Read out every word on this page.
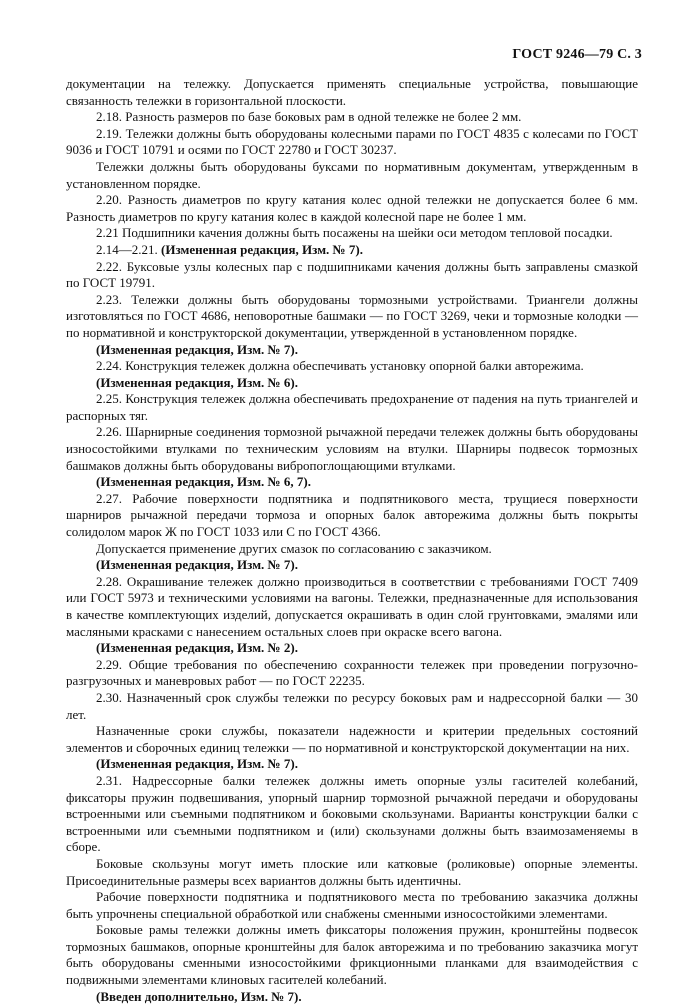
ГОСТ 9246—79 С. 3

документации на тележку. Допускается применять специальные устройства, повышающие связанность тележки в горизонтальной плоскости.

2.18. Разность размеров по базе боковых рам в одной тележке не более 2 мм.

2.19. Тележки должны быть оборудованы колесными парами по ГОСТ 4835 с колесами по ГОСТ 9036 и ГОСТ 10791 и осями по ГОСТ 22780 и ГОСТ 30237.

Тележки должны быть оборудованы буксами по нормативным документам, утвержденным в установленном порядке.

2.20. Разность диаметров по кругу катания колес одной тележки не допускается более 6 мм. Разность диаметров по кругу катания колес в каждой колесной паре не более 1 мм.

2.21 Подшипники качения должны быть посажены на шейки оси методом тепловой посадки.

2.14—2.21. (Измененная редакция, Изм. № 7).

2.22. Буксовые узлы колесных пар с подшипниками качения должны быть заправлены смазкой по ГОСТ 19791.

2.23. Тележки должны быть оборудованы тормозными устройствами. Триангели должны изготовляться по ГОСТ 4686, неповоротные башмаки — по ГОСТ 3269, чеки и тормозные колодки — по нормативной и конструкторской документации, утвержденной в установленном порядке.

(Измененная редакция, Изм. № 7).

2.24. Конструкция тележек должна обеспечивать установку опорной балки авторежима.

(Измененная редакция, Изм. № 6).

2.25. Конструкция тележек должна обеспечивать предохранение от падения на путь триангелей и распорных тяг.

2.26. Шарнирные соединения тормозной рычажной передачи тележек должны быть оборудованы износостойкими втулками по техническим условиям на втулки. Шарниры подвесок тормозных башмаков должны быть оборудованы вибропоглощающими втулками.

(Измененная редакция, Изм. № 6, 7).

2.27. Рабочие поверхности подпятника и подпятникового места, трущиеся поверхности шарниров рычажной передачи тормоза и опорных балок авторежима должны быть покрыты солидолом марок Ж по ГОСТ 1033 или С по ГОСТ 4366.

Допускается применение других смазок по согласованию с заказчиком.

(Измененная редакция, Изм. № 7).

2.28. Окрашивание тележек должно производиться в соответствии с требованиями ГОСТ 7409 или ГОСТ 5973 и техническими условиями на вагоны. Тележки, предназначенные для использования в качестве комплектующих изделий, допускается окрашивать в один слой грунтовками, эмалями или масляными красками с нанесением остальных слоев при окраске всего вагона.

(Измененная редакция, Изм. № 2).

2.29. Общие требования по обеспечению сохранности тележек при проведении погрузочно-разгрузочных и маневровых работ — по ГОСТ 22235.

2.30. Назначенный срок службы тележки по ресурсу боковых рам и надрессорной балки — 30 лет.

Назначенные сроки службы, показатели надежности и критерии предельных состояний элементов и сборочных единиц тележки — по нормативной и конструкторской документации на них.

(Измененная редакция, Изм. № 7).

2.31. Надрессорные балки тележек должны иметь опорные узлы гасителей колебаний, фиксаторы пружин подвешивания, упорный шарнир тормозной рычажной передачи и оборудованы встроенными или съемными подпятником и боковыми скользунами. Варианты конструкции балки с встроенными или съемными подпятником и (или) скользунами должны быть взаимозаменяемы в сборе.

Боковые скользуны могут иметь плоские или катковые (роликовые) опорные элементы. Присоединительные размеры всех вариантов должны быть идентичны.

Рабочие поверхности подпятника и подпятникового места по требованию заказчика должны быть упрочнены специальной обработкой или снабжены сменными износостойкими элементами.

Боковые рамы тележки должны иметь фиксаторы положения пружин, кронштейны подвесок тормозных башмаков, опорные кронштейны для балок авторежима и по требованию заказчика могут быть оборудованы сменными износостойкими фрикционными планками для взаимодействия с подвижными элементами клиновых гасителей колебаний.

(Введен дополнительно, Изм. № 7).
